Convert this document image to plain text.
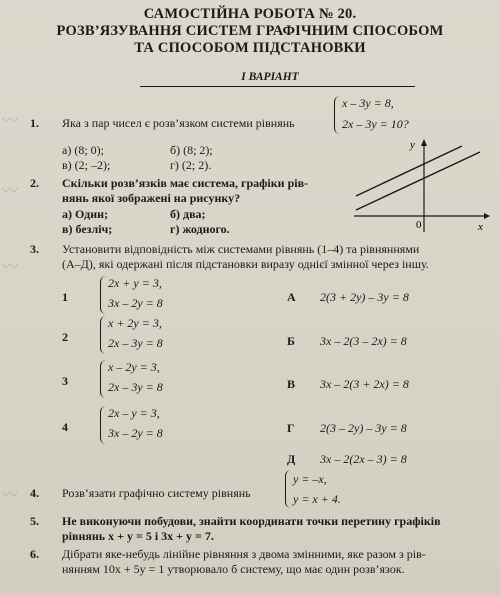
САМОСТІЙНА РОБОТА № 20.
РОЗВ’ЯЗУВАННЯ СИСТЕМ ГРАФІЧНИМ СПОСОБОМ
ТА СПОСОБОМ ПІДСТАНОВКИ
І ВАРІАНТ
〰
〰
〰
〰
1. Яка з пар чисел є розв’язком системи рівнянь
x – 3y = 8,
2x – 3y = 10?
а) (8; 0);	б) (8; 2);
в) (2; –2);	г) (2; 2).
2. Скільки розв’язків має система, графіки рів-
нянь якої зображені на рисунку?
а) Один;	б) два;
в) безліч;	г) жодного.
y
0	x
3. Установити відповідність між системами рівнянь (1–4) та рівняннями
(А–Д), які одержані після підстановки виразу однієї змінної через іншу.
1
2x + y = 3,
3x – 2y = 8
2
x + 2y = 3,
2x – 3y = 8
3
x – 2y = 3,
2x – 3y = 8
4
2x – y = 3,
3x – 2y = 8
А 2(3 + 2y) – 3y = 8
Б 3x – 2(3 – 2x) = 8
В 3x – 2(3 + 2x) = 8
Г 2(3 – 2y) – 3y = 8
Д 3x – 2(2x – 3) = 8
4. Розв’язати графічно систему рівнянь
y = –x,
y = x + 4.
5. Не виконуючи побудови, знайти координати точки перетину графіків
рівнянь x + y = 5 і 3x + y = 7.
6. Дібрати яке-небудь лінійне рівняння з двома змінними, яке разом з рів-
нянням 10x + 5y = 1 утворювало б систему, що має один розв’язок.
